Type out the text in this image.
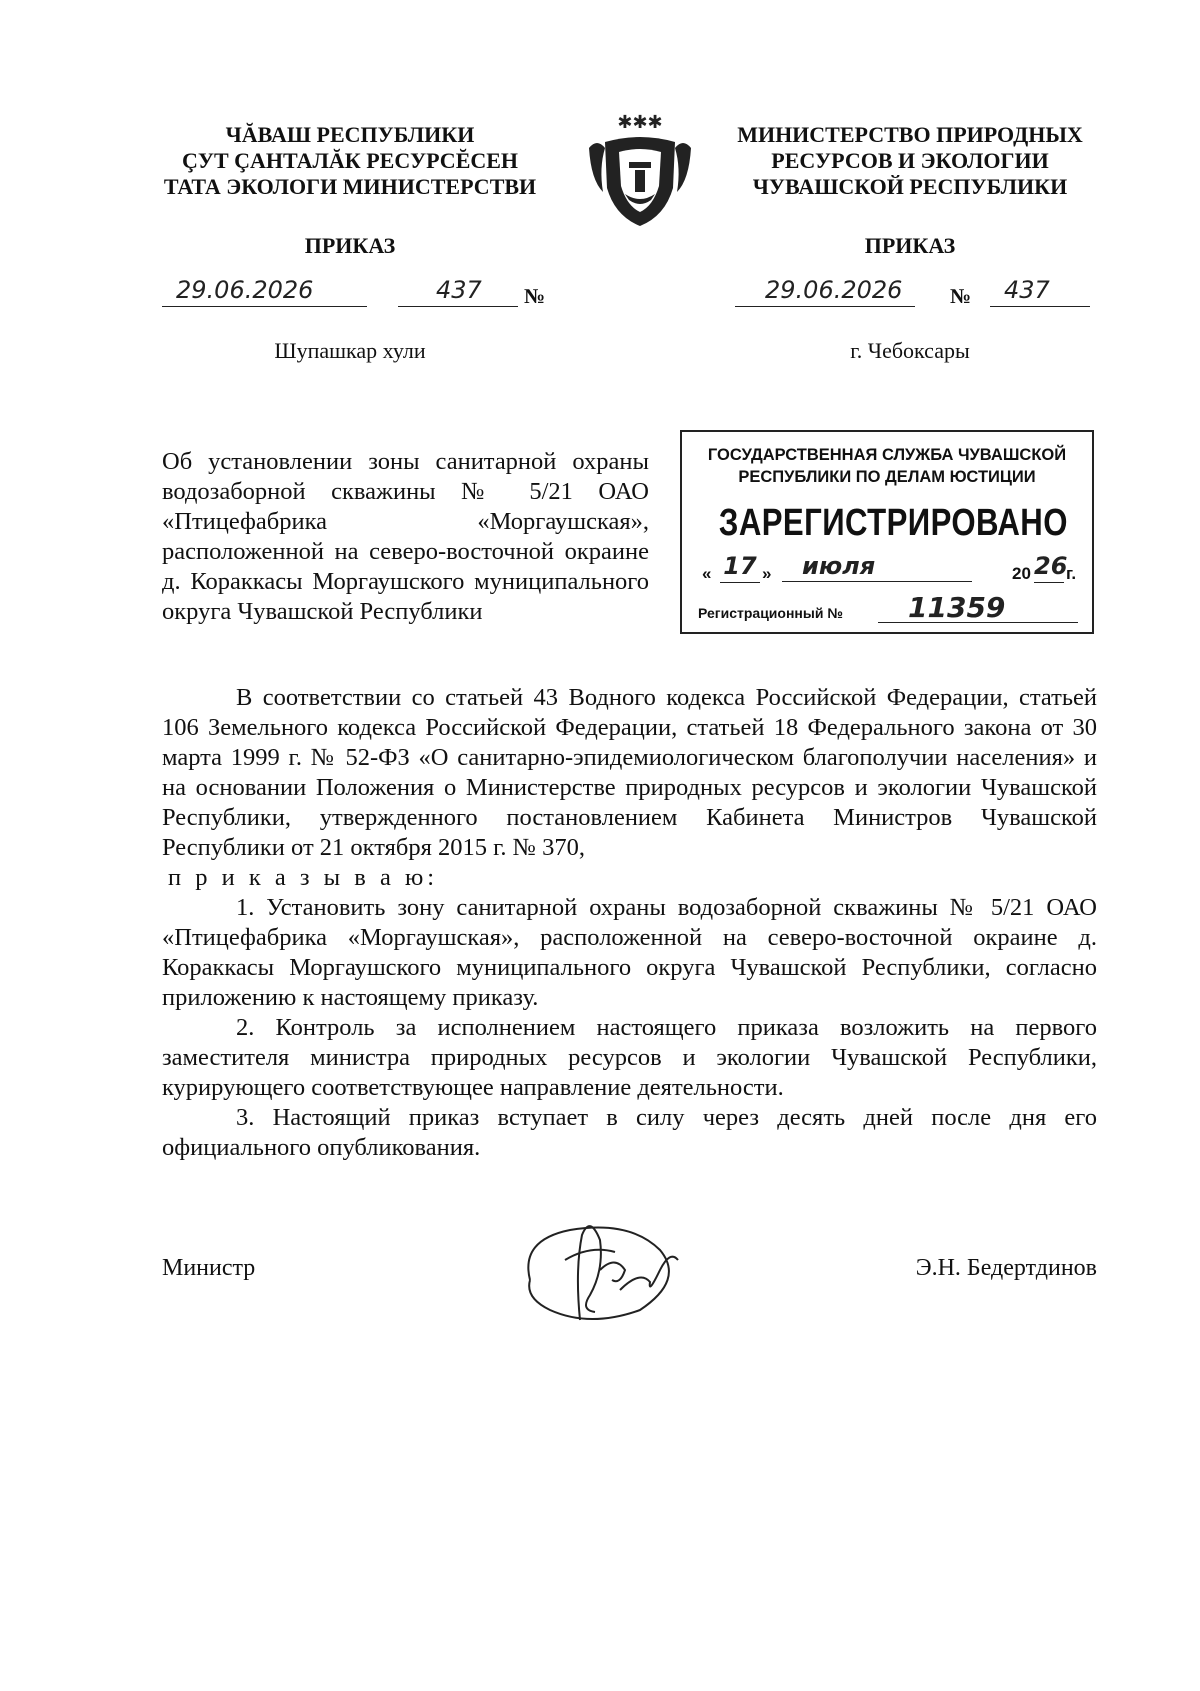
ЧĂВАШ РЕСПУБЛИКИ
ÇУТ ÇАНТАЛĂК РЕСУРСĔСЕН
ТАТА ЭКОЛОГИ МИНИСТЕРСТВИ
✱✱✱	МИНИСТЕРСТВО ПРИРОДНЫХ
РЕСУРСОВ И ЭКОЛОГИИ
ЧУВАШСКОЙ РЕСПУБЛИКИ
ПРИКАЗ	ПРИКАЗ
29.06.2026	437 №	29.06.2026 № 437
Шупашкар хули	г. Чебоксары
Об установлении зоны санитарной охраны водозаборной скважины № 5/21 ОАО «Птицефабрика «Моргаушская», расположенной на северо-восточной окраине д. Кораккасы Моргаушского муниципального округа Чувашской Республики
ГОСУДАРСТВЕННАЯ СЛУЖБА ЧУВАШСКОЙ
РЕСПУБЛИКИ ПО ДЕЛАМ ЮСТИЦИИ
ЗАРЕГИСТРИРОВАНО
« 17 »	июля	20 26
г.
Регистрационный №	11359

В соответствии со статьей 43 Водного кодекса Российской Федерации, статьей 106 Земельного кодекса Российской Федерации, статьей 18 Федерального закона от 30 марта 1999 г. № 52-ФЗ «О санитарно-эпидемиологическом благополучии населения» и на основании Положения о Министерстве природных ресурсов и экологии Чувашской Республики, утвержденного постановлением Кабинета Министров Чувашской Республики от 21 октября 2015 г. № 370,

п р и к а з ы в а ю:

1. Установить зону санитарной охраны водозаборной скважины № 5/21 ОАО «Птицефабрика «Моргаушская», расположенной на северо-восточной окраине д. Кораккасы Моргаушского муниципального округа Чувашской Республики, согласно приложению к настоящему приказу.

2. Контроль за исполнением настоящего приказа возложить на первого заместителя министра природных ресурсов и экологии Чувашской Республики, курирующего соответствующее направление деятельности.

3. Настоящий приказ вступает в силу через десять дней после дня его официального опубликования.

Министр	Э.Н. Бедертдинов
